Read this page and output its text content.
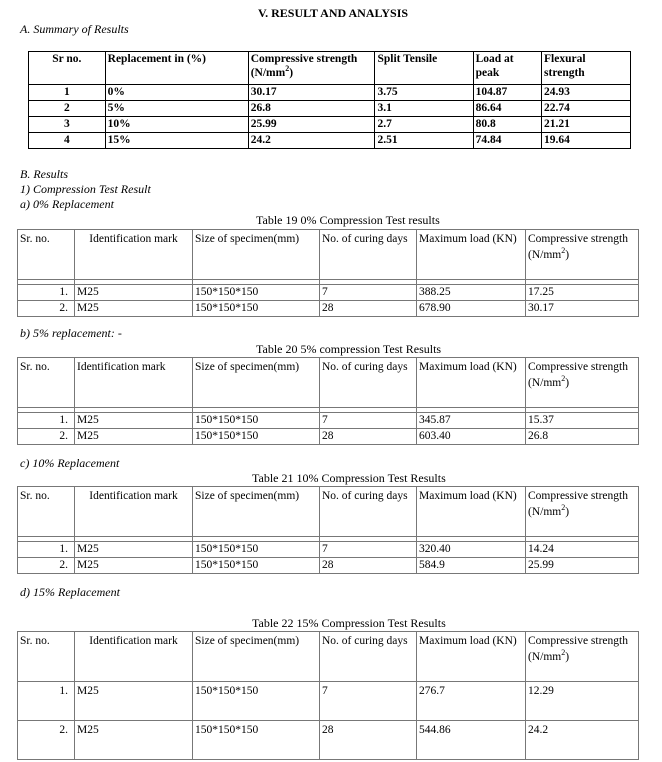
V. RESULT AND ANALYSIS
A. Summary of Results
Sr no.	Replacement in (%)	Compressive strength $(N/mm^2)$	Split Tensile	Load at peak	Flexural strength
1	0%	30.17	3.75	104.87	24.93
2	5%	26.8	3.1	86.64	22.74
3	10%	25.99	2.7	80.8	21.21
4	15%	24.2	2.51	74.84	19.64
B. Results
1) Compression Test Result
a) 0% Replacement
Table 19 0% Compression Test results
Sr. no.	Identification mark	Size of specimen(mm)	No. of curing days	Maximum load (KN)	Compressive strength $(N/mm^2)$

1.	M25	150*150*150	7	388.25	17.25
2.	M25	150*150*150	28	678.90	30.17
b) 5% replacement: -
Table 20 5% compression Test Results
Sr. no.	Identification mark	Size of specimen(mm)	No. of curing days	Maximum load (KN)	Compressive strength $(N/mm^2)$

1.	M25	150*150*150	7	345.87	15.37
2.	M25	150*150*150	28	603.40	26.8
c) 10% Replacement
Table 21 10% Compression Test Results
Sr. no.	Identification mark	Size of specimen(mm)	No. of curing days	Maximum load (KN)	Compressive strength $(N/mm^2)$

1.	M25	150*150*150	7	320.40	14.24
2.	M25	150*150*150	28	584.9	25.99
d) 15% Replacement
Table 22 15% Compression Test Results
Sr. no.	Identification mark	Size of specimen(mm)	No. of curing days	Maximum load (KN)	Compressive strength $(N/mm^2)$
1.	M25	150*150*150	7	276.7	12.29
2.	M25	150*150*150	28	544.86	24.2
